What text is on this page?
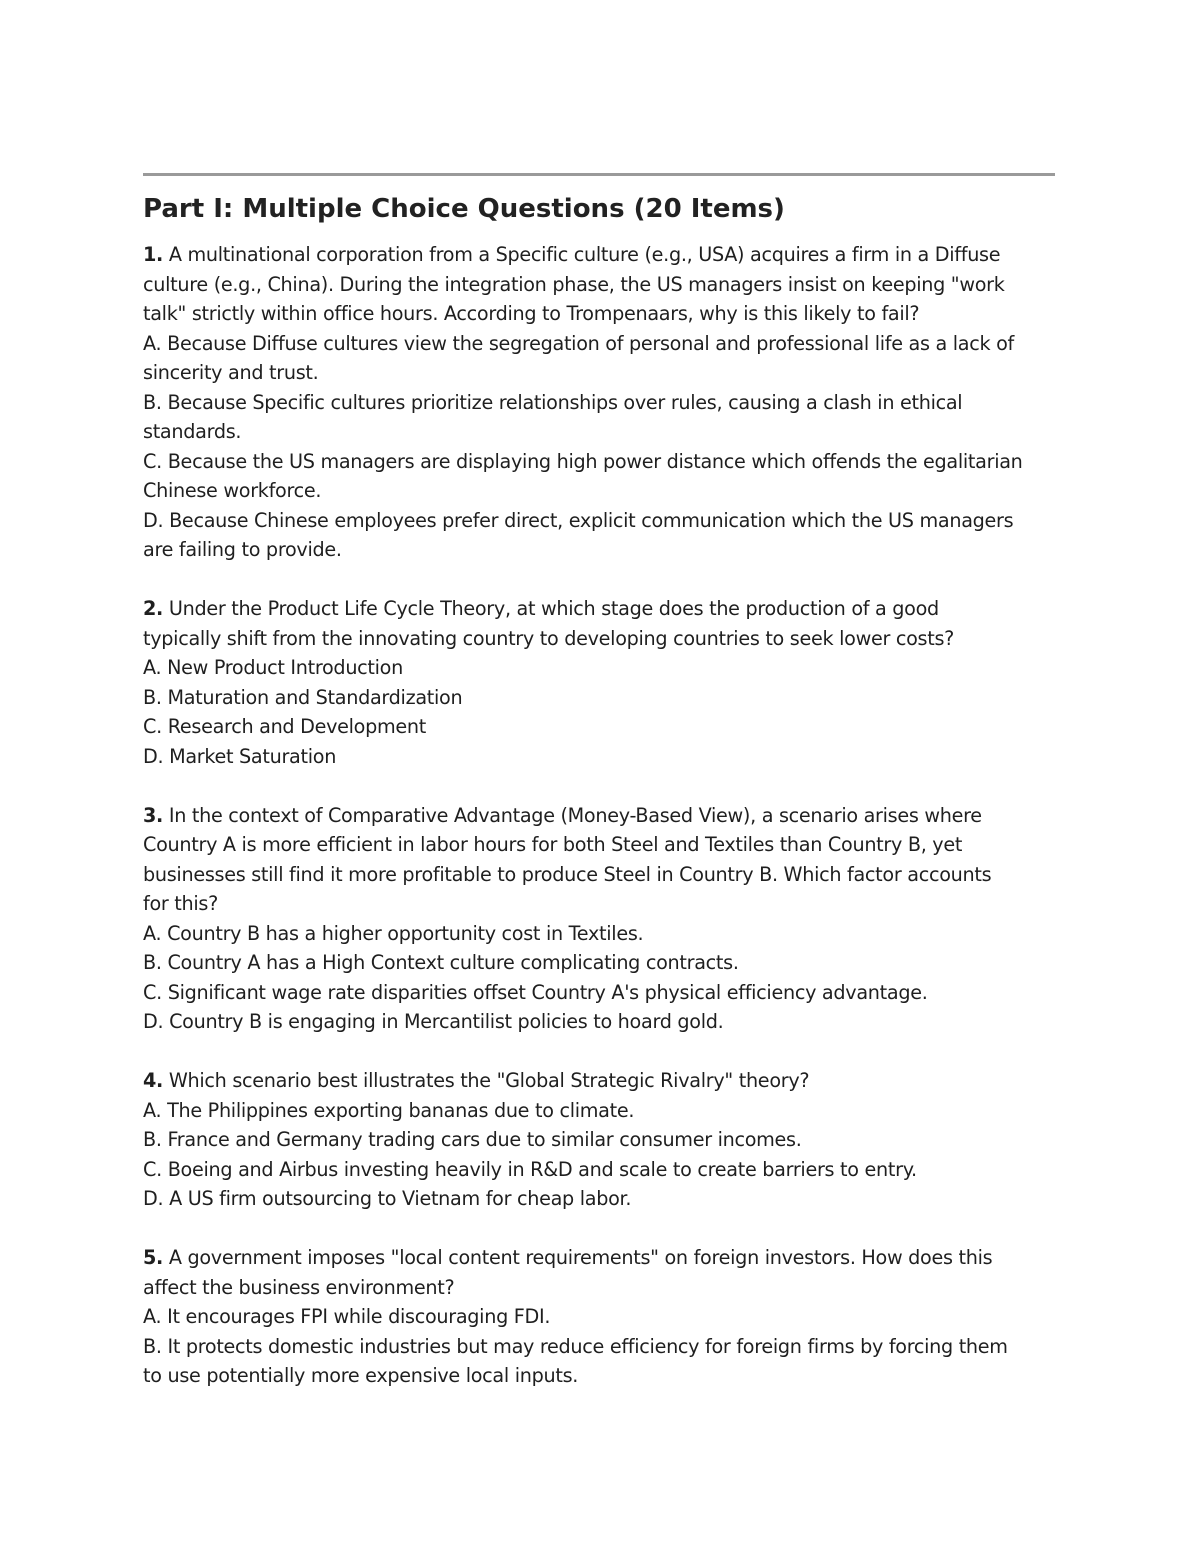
Part I: Multiple Choice Questions (20 Items)
1. A multinational corporation from a Specific culture (e.g., USA) acquires a firm in a Diffuse
culture (e.g., China). During the integration phase, the US managers insist on keeping "work
talk" strictly within office hours. According to Trompenaars, why is this likely to fail?
A. Because Diffuse cultures view the segregation of personal and professional life as a lack of
sincerity and trust.
B. Because Specific cultures prioritize relationships over rules, causing a clash in ethical
standards.
C. Because the US managers are displaying high power distance which offends the egalitarian
Chinese workforce.
D. Because Chinese employees prefer direct, explicit communication which the US managers
are failing to provide.
2. Under the Product Life Cycle Theory, at which stage does the production of a good
typically shift from the innovating country to developing countries to seek lower costs?
A. New Product Introduction
B. Maturation and Standardization
C. Research and Development
D. Market Saturation
3. In the context of Comparative Advantage (Money-Based View), a scenario arises where
Country A is more efficient in labor hours for both Steel and Textiles than Country B, yet
businesses still find it more profitable to produce Steel in Country B. Which factor accounts
for this?
A. Country B has a higher opportunity cost in Textiles.
B. Country A has a High Context culture complicating contracts.
C. Significant wage rate disparities offset Country A's physical efficiency advantage.
D. Country B is engaging in Mercantilist policies to hoard gold.
4. Which scenario best illustrates the "Global Strategic Rivalry" theory?
A. The Philippines exporting bananas due to climate.
B. France and Germany trading cars due to similar consumer incomes.
C. Boeing and Airbus investing heavily in R&D and scale to create barriers to entry.
D. A US firm outsourcing to Vietnam for cheap labor.
5. A government imposes "local content requirements" on foreign investors. How does this
affect the business environment?
A. It encourages FPI while discouraging FDI.
B. It protects domestic industries but may reduce efficiency for foreign firms by forcing them
to use potentially more expensive local inputs.
